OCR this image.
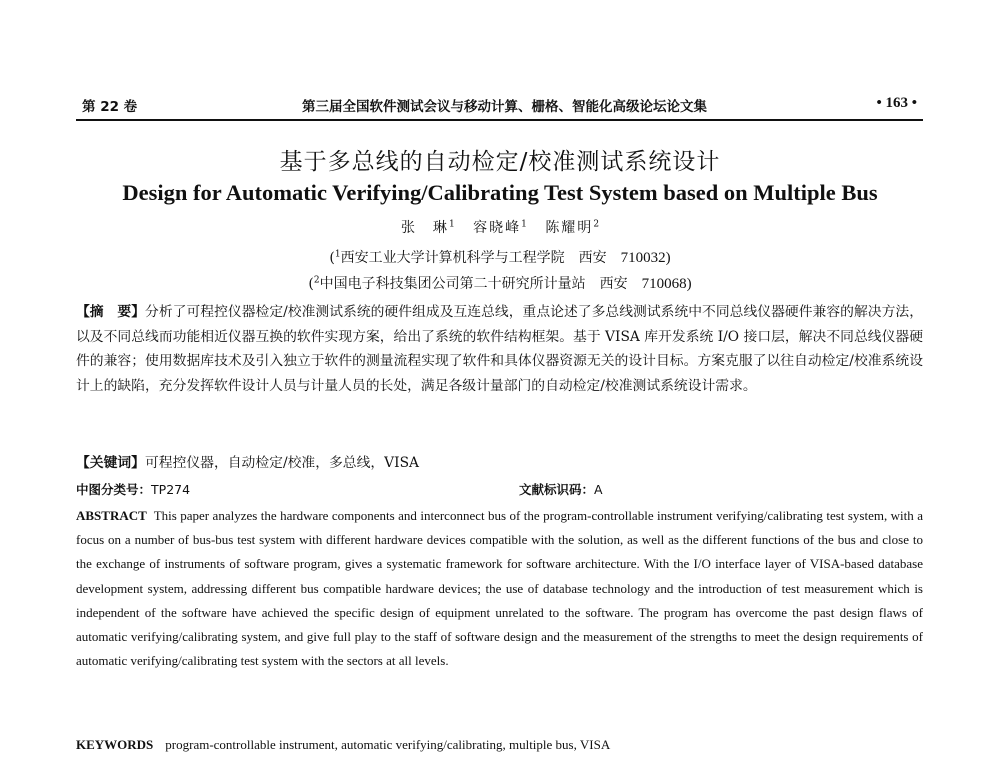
第 22 卷	第三届全国软件测试会议与移动计算、栅格、智能化高级论坛论文集	• 163 •
基于多总线的自动检定/校准测试系统设计
Design for Automatic Verifying/Calibrating Test System based on Multiple Bus
张　琳$^1$ 容晓峰$^1$ 陈耀明$^2$
($^1$西安工业大学计算机科学与工程学院　西安 710032)
($^2$中国电子科技集团公司第二十研究所计量站　西安 710068)
【摘　要】分析了可程控仪器检定/校准测试系统的硬件组成及互连总线，重点论述了多总线测试系统中不同总线仪器硬件兼容的解决方法，以及不同总线而功能相近仪器互换的软件实现方案，给出了系统的软件结构框架。基于 VISA 库开发系统 I/O 接口层，解决不同总线仪器硬件的兼容；使用数据库技术及引入独立于软件的测量流程实现了软件和具体仪器资源无关的设计目标。方案克服了以往自动检定/校准系统设计上的缺陷，充分发挥软件设计人员与计量人员的长处，满足各级计量部门的自动检定/校准测试系统设计需求。
【关键词】可程控仪器，自动检定/校准，多总线，VISA
中图分类号：TP274	文献标识码：A
ABSTRACT This paper analyzes the hardware components and interconnect bus of the program-controllable instrument verifying/calibrating test system, with a focus on a number of bus-bus test system with different hardware devices compatible with the solution, as well as the different functions of the bus and close to the exchange of instruments of software program, gives a systematic framework for software architecture. With the I/O interface layer of VISA-based database development system, addressing different bus compatible hardware devices; the use of database technology and the introduction of test measurement which is independent of the software have achieved the specific design of equipment unrelated to the software. The program has overcome the past design flaws of automatic verifying/calibrating system, and give full play to the staff of software design and the measurement of the strengths to meet the design requirements of automatic verifying/calibrating test system with the sectors at all levels.
KEYWORDS program-controllable instrument, automatic verifying/calibrating, multiple bus, VISA
